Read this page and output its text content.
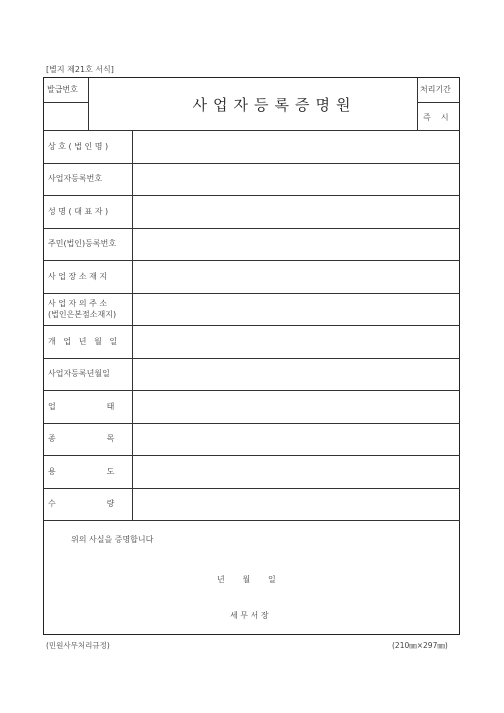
[별지 제21호 서식]
발급번호
사업자등록증명원
처리기간
즉    시
상 호 ( 법 인 명 )
사업자등록번호
성 명 ( 대 표 자 )
주민(법인)등록번호
사 업 장 소 재 지
사 업 자 의 주 소
(법인은본점소재지)
개   업   년   월   일
사업자등록년월일
업                    태
종                    목
용                    도
수                    량
위의 사실을 증명합니다
년       월       일
세 무 서 장
(민원사무처리규정)	(210㎜×297㎜)
